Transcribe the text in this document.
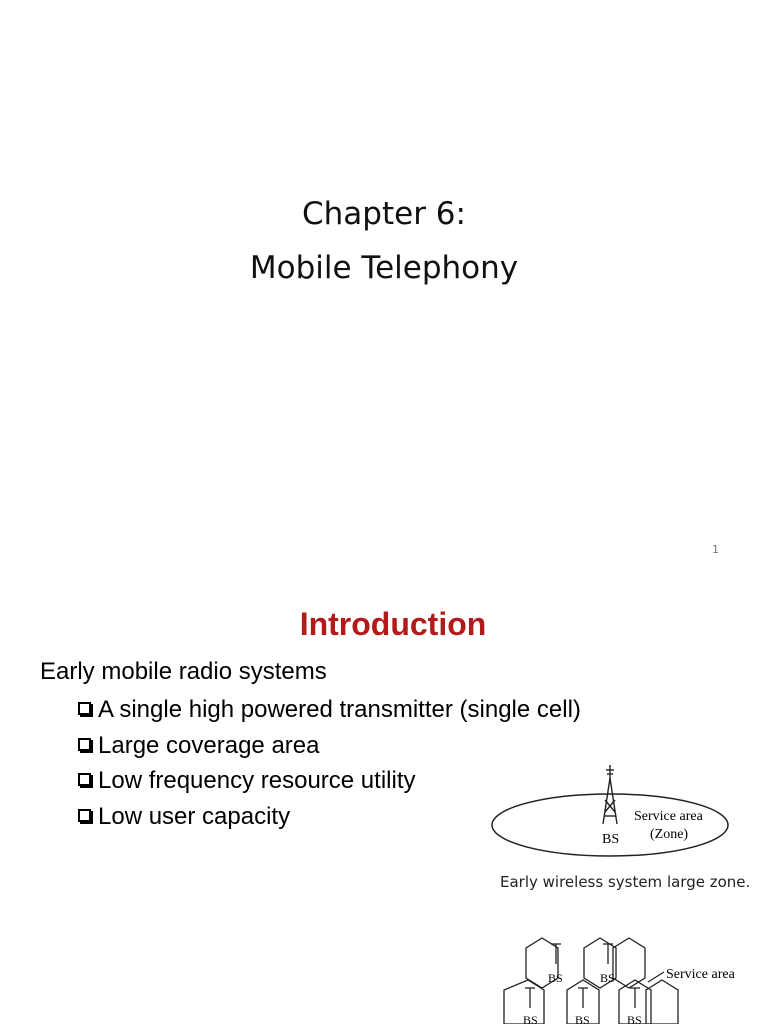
Chapter 6:
Mobile Telephony
1
Introduction
Early mobile radio systems
A single high powered transmitter (single cell)
Large coverage area
Low frequency resource utility
Low user capacity
BS
Service area
(Zone)
Early wireless system large zone.
BS	BS
BS	BS	BS
Service area
